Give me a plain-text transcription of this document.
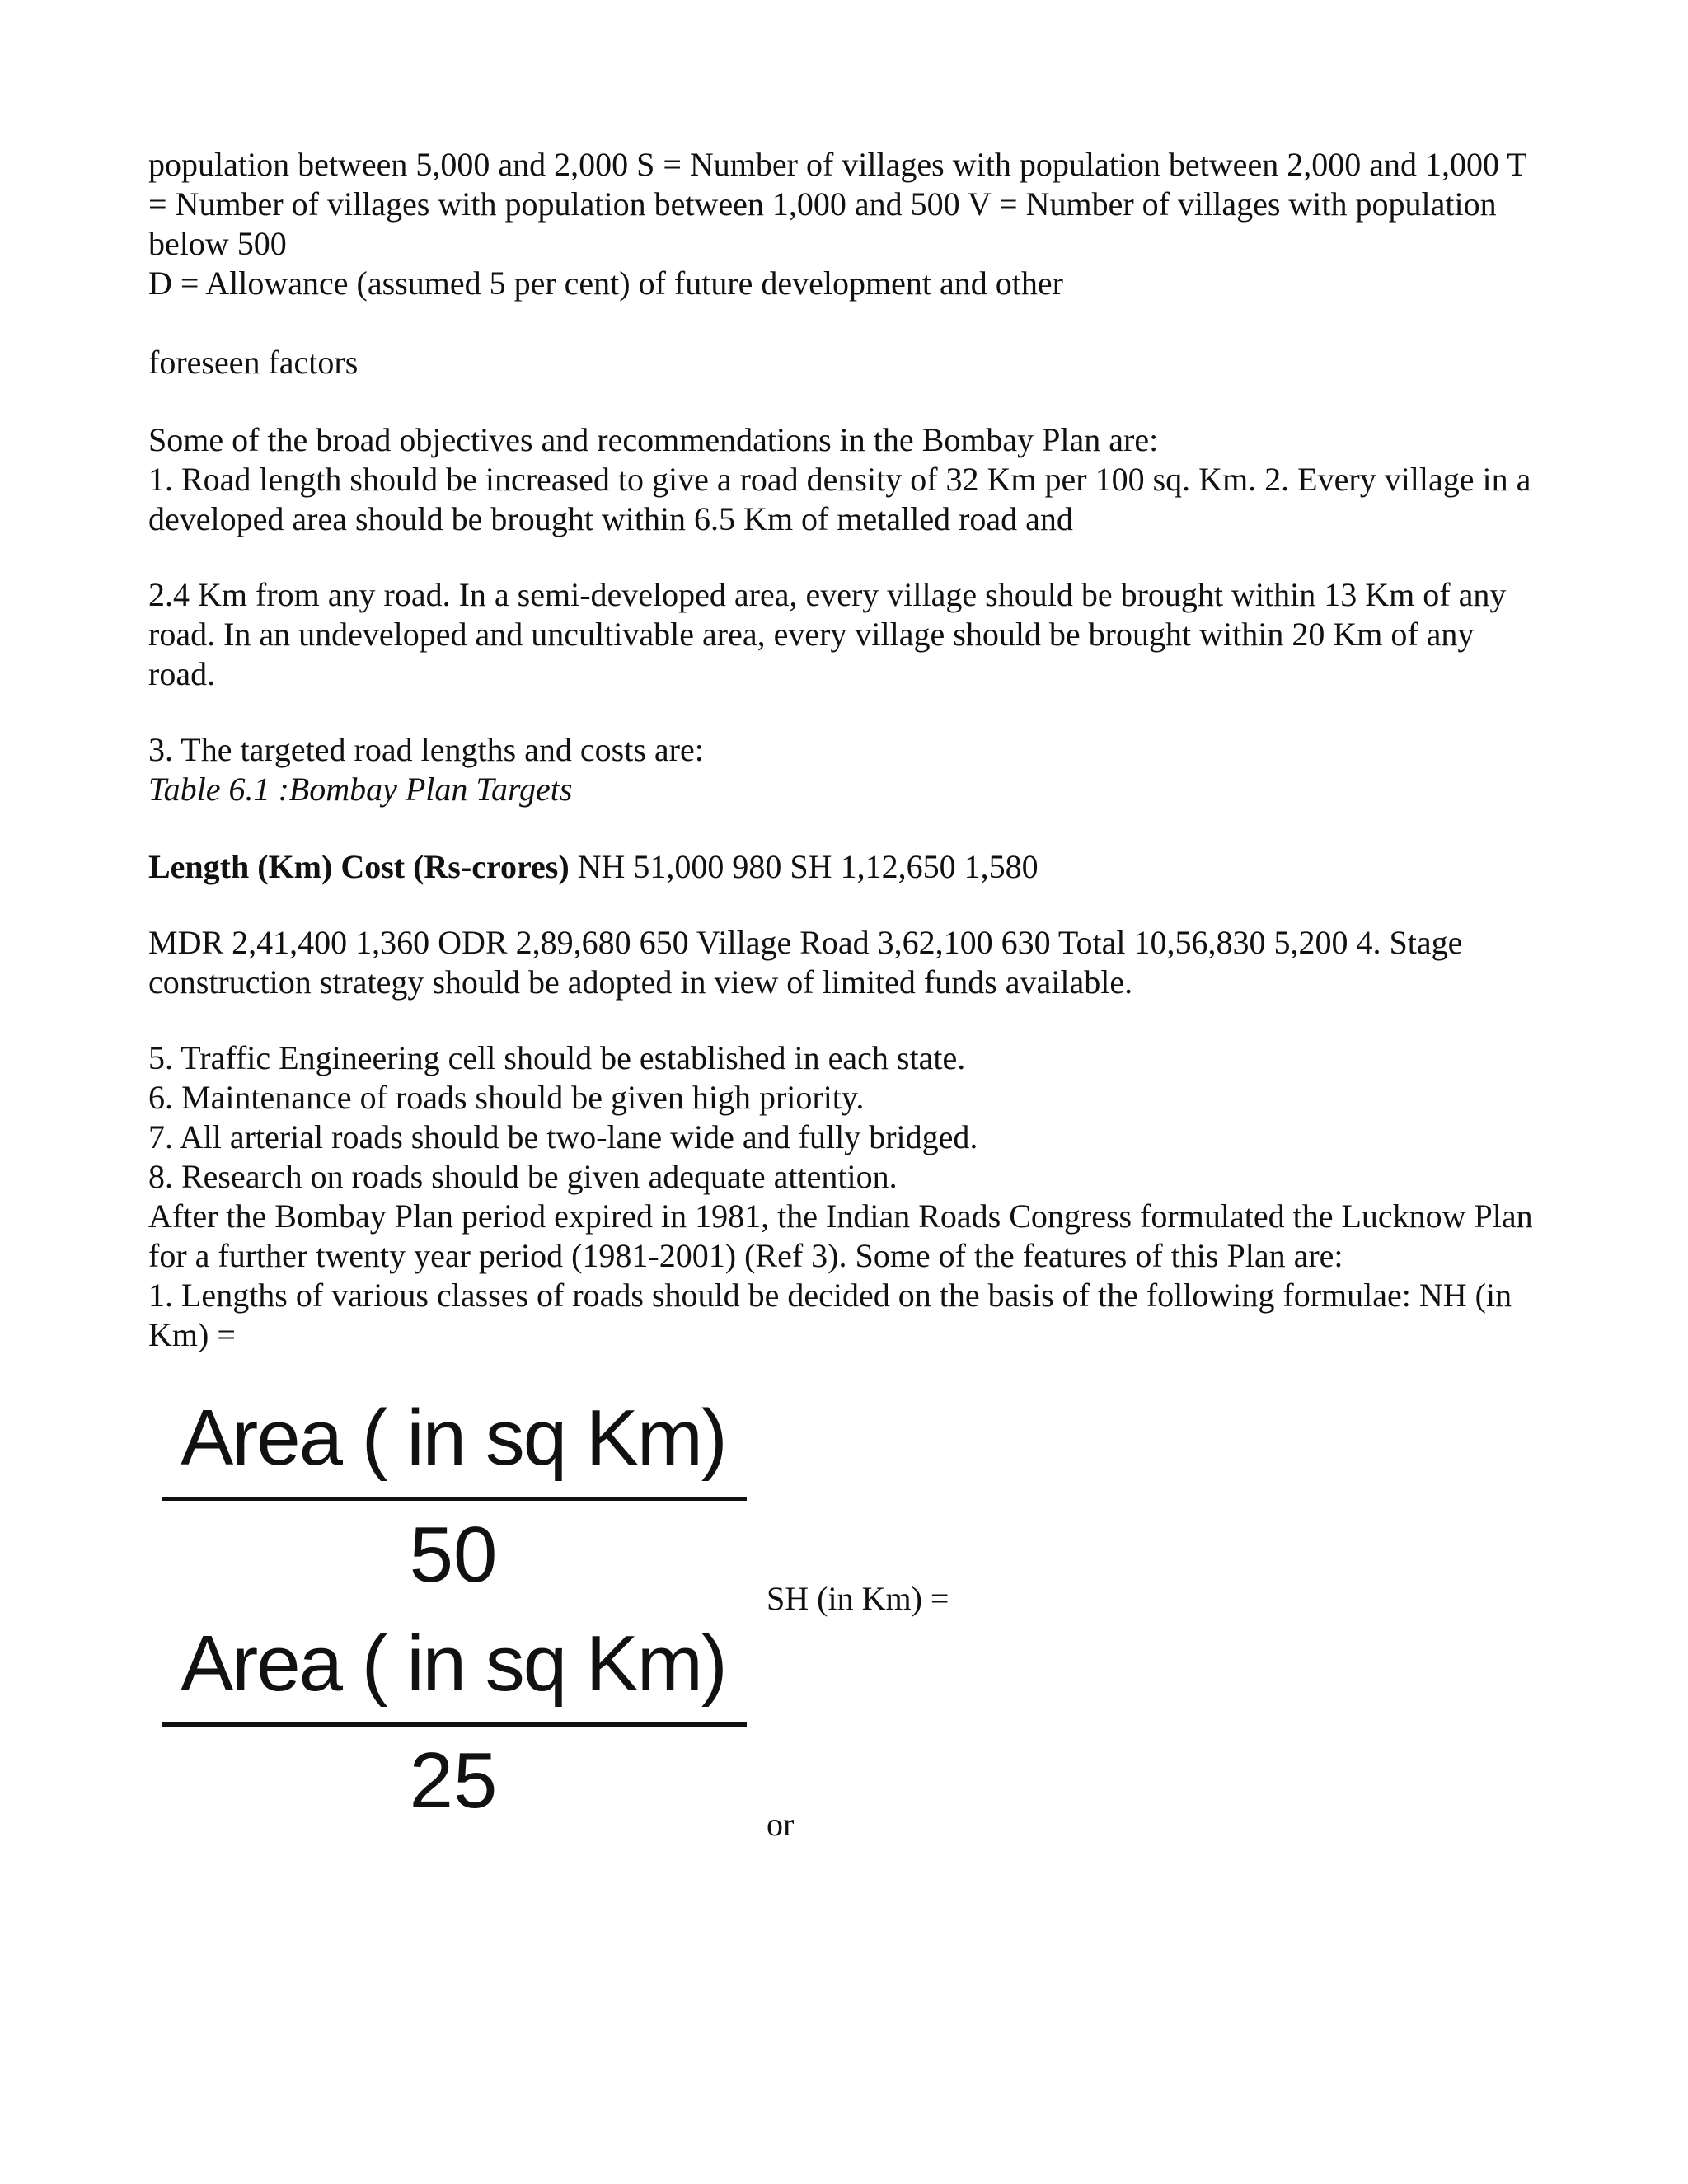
population between 5,000 and 2,000 S = Number of villages with population between 2,000 and 1,000 T
= Number of villages with population between 1,000 and 500 V = Number of villages with population
below 500
D = Allowance (assumed 5 per cent) of future development and other

foreseen factors

Some of the broad objectives and recommendations in the Bombay Plan are:
1. Road length should be increased to give a road density of 32 Km per 100 sq. Km. 2. Every village in a
developed area should be brought within 6.5 Km of metalled road and
2.4 Km from any road. In a semi-developed area, every village should be brought within 13 Km of any
road. In an undeveloped and uncultivable area, every village should be brought within 20 Km of any
road.
3. The targeted road lengths and costs are:
Table 6.1 :Bombay Plan Targets
Length (Km) Cost (Rs-crores) NH 51,000 980 SH 1,12,650 1,580
MDR 2,41,400 1,360 ODR 2,89,680 650 Village Road 3,62,100 630 Total 10,56,830 5,200 4. Stage
construction strategy should be adopted in view of limited funds available.
5. Traffic Engineering cell should be established in each state.
6. Maintenance of roads should be given high priority.
7. All arterial roads should be two-lane wide and fully bridged.
8. Research on roads should be given adequate attention.
After the Bombay Plan period expired in 1981, the Indian Roads Congress formulated the Lucknow Plan
for a further twenty year period (1981-2001) (Ref 3). Some of the features of this Plan are:
1. Lengths of various classes of roads should be decided on the basis of the following formulae: NH (in
Km) =
Area ( in sq Km)
50
Area ( in sq Km)
25
SH (in Km) =
or
